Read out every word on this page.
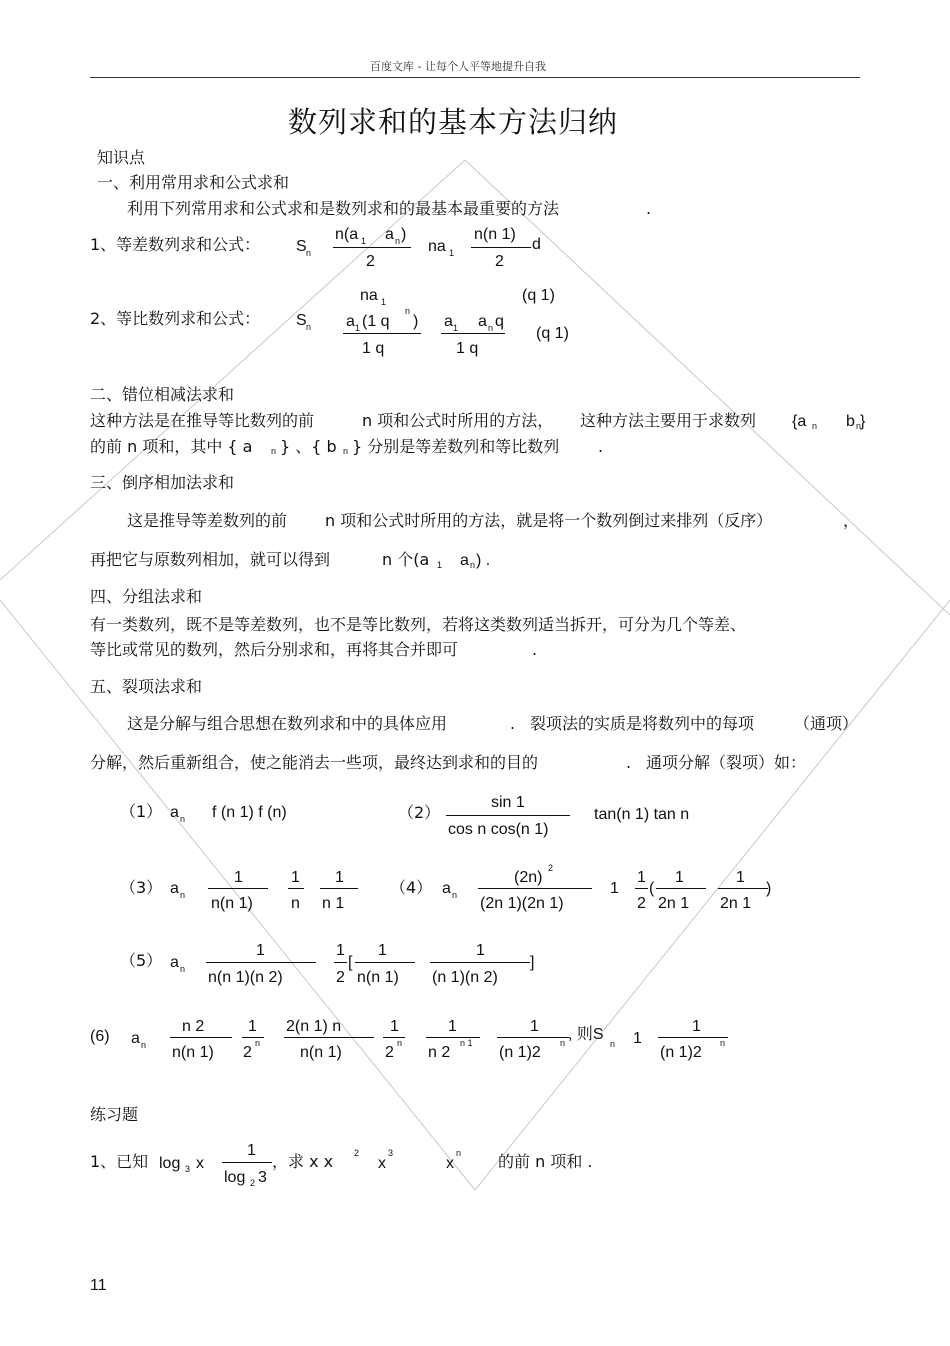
百度文库 - 让每个人平等地提升自我
数列求和的基本方法归纳
知识点
一、利用常用求和公式求和
利用下列常用求和公式求和是数列求和的最基本最重要的方法	.
1、等差数列求和公式： S n
n(a 1 a n )
2
na 1
n(n 1)
2
d
na 1	(q 1)
2、等比数列求和公式： S n a 1 (1 q
n
)
1 q
a 1 a n q
1 q
(q 1)
二、错位相减法求和
这种方法是在推导等比数列的前	n 项和公式时所用的方法， 这种方法主要用于求数列 {a n b n
}
的前 n 项和，其中 { a n } 、{ b n } 分别是等差数列和等比数列 .
三、倒序相加法求和
这是推导等差数列的前 n 项和公式时所用的方法，就是将一个数列倒过来排列（反序）	，
再把它与原数列相加，就可以得到	n 个(a 1 a n ) .
四、分组法求和
有一类数列，既不是等差数列，也不是等比数列，若将这类数列适当拆开，可分为几个等差、
等比或常见的数列，然后分别求和，再将其合并即可	.
五、裂项法求和
这是分解与组合思想在数列求和中的具体应用	. 裂项法的实质是将数列中的每项 （通项）
分解，然后重新组合，使之能消去一些项，最终达到求和的目的	. 通项分解（裂项）如：
（1） a n f (n 1) f (n)	（2）
sin 1
cos n cos(n 1)
tan(n 1) tan n
（3） a n
1
n(n 1)
1
n
1
n 1
（4） a n
(2n)
2
(2n 1)(2n 1)
1
1
2
(
1
2n 1
1
2n 1
)
（5） a n
1
n(n 1)(n 2)
1
2
[
1
n(n 1)
1
(n 1)(n 2)
]
(6) a n
n 2
n(n 1)
1
2
n
2(n 1) n
n(n 1)
1
2
n
1
n 2
n 1
1
(n 1)2
n , 则S
n 1
1
(n 1)2
n
练习题
1、已知 log 3 x
1
log 2 3
，求 x x 2
x
3
x
n 的前 n 项和 .
11
